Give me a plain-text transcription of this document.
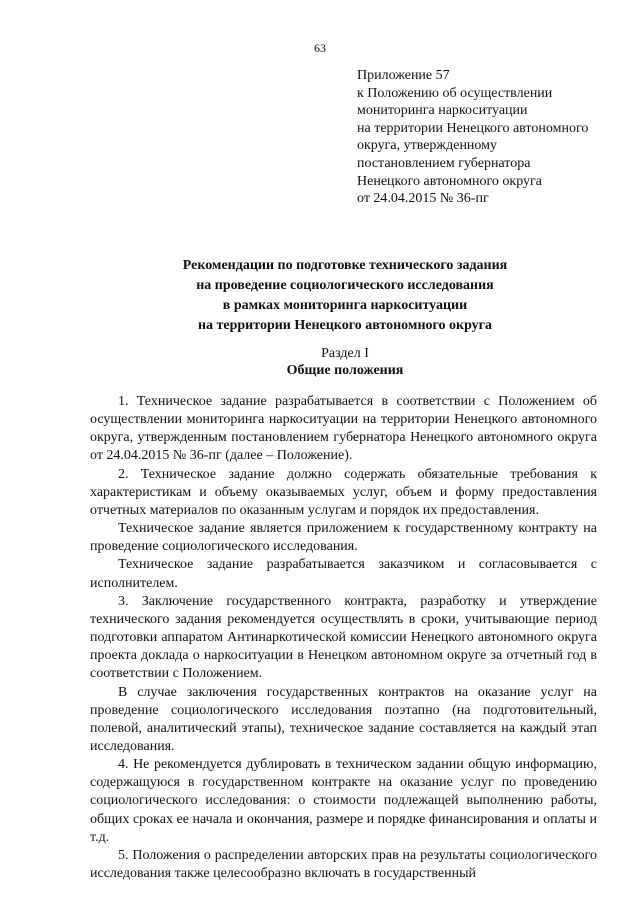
63
Приложение 57
к Положению об осуществлении
мониторинга наркоситуации
на территории Ненецкого автономного
округа, утвержденному
постановлением губернатора
Ненецкого автономного округа
от 24.04.2015 № 36-пг
Рекомендации по подготовке технического задания
на проведение социологического исследования
в рамках мониторинга наркоситуации
на территории Ненецкого автономного округа
Раздел I
Общие положения

1. Техническое задание разрабатывается в соответствии с Положением об осуществлении мониторинга наркоситуации на территории Ненецкого автономного округа, утвержденным постановлением губернатора Ненецкого автономного округа от 24.04.2015 № 36-пг (далее – Положение).

2. Техническое задание должно содержать обязательные требования к характеристикам и объему оказываемых услуг, объем и форму предоставления отчетных материалов по оказанным услугам и порядок их предоставления.

Техническое задание является приложением к государственному контракту на проведение социологического исследования.

Техническое задание разрабатывается заказчиком и согласовывается с исполнителем.

3. Заключение государственного контракта, разработку и утверждение технического задания рекомендуется осуществлять в сроки, учитывающие период подготовки аппаратом Антинаркотической комиссии Ненецкого автономного округа проекта доклада о наркоситуации в Ненецком автономном округе за отчетный год в соответствии с Положением.

В случае заключения государственных контрактов на оказание услуг на проведение социологического исследования поэтапно (на подготовительный, полевой, аналитический этапы), техническое задание составляется на каждый этап исследования.

4. Не рекомендуется дублировать в техническом задании общую информацию, содержащуюся в государственном контракте на оказание услуг по проведению социологического исследования: о стоимости подлежащей выполнению работы, общих сроках ее начала и окончания, размере и порядке финансирования и оплаты и т.д.

5. Положения о распределении авторских прав на результаты социологического исследования также целесообразно включать в государственный
